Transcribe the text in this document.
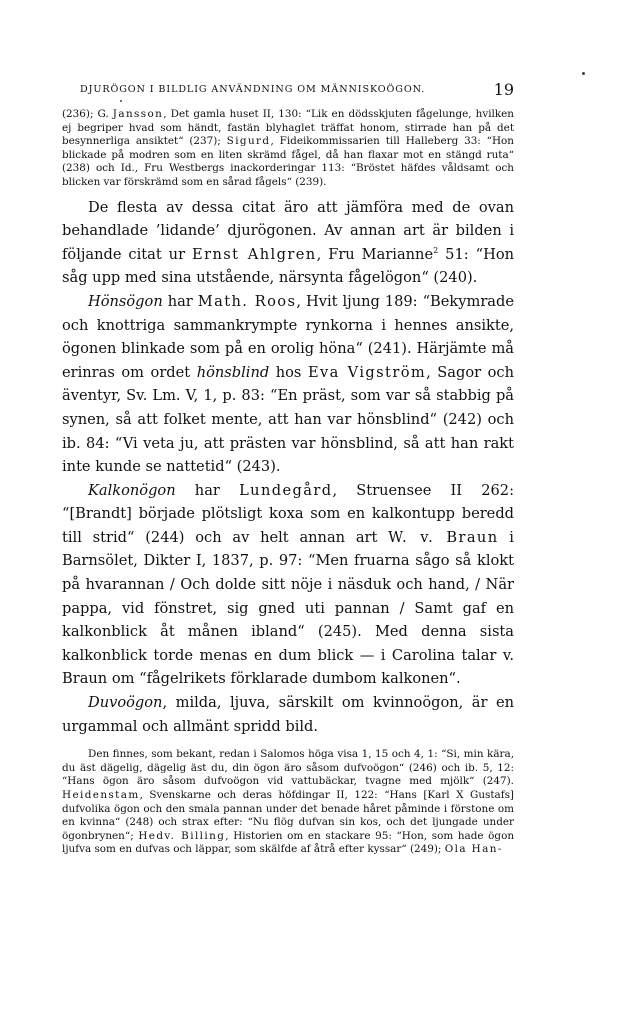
DJURÖGON I BILDLIG ANVÄNDNING OM MÄNNISKOÖGON.	19

(236); G. Jansson, Det gamla huset II, 130: “Lik en dödsskjuten fågelunge, hvilken ej begriper hvad som händt, fastän blyhaglet träffat honom, stirrade han på det besynnerliga ansiktet“ (237); Sigurd, Fideikommissarien till Halleberg 33: “Hon blickade på modren som en liten skrämd fågel, då han flaxar mot en stängd ruta“ (238) och Id., Fru Westbergs inackorderingar 113: “Bröstet häfdes våldsamt och blicken var förskrämd som en sårad fågels“ (239).

De flesta av dessa citat äro att jämföra med de ovan behandlade ’lidande’ djurögonen. Av annan art är bilden i följande citat ur Ernst Ahlgren, Fru Marianne$^2$ 51: “Hon såg upp med sina utstående, närsynta fågelögon“ (240).

Hönsögon har Math. Roos, Hvit ljung 189: “Bekymrade och knottriga sammankrympte rynkorna i hennes ansikte, ögonen blinkade som på en orolig höna“ (241). Härjämte må erinras om ordet hönsblind hos Eva Vigström, Sagor och äventyr, Sv. Lm. V, 1, p. 83: “En präst, som var så stabbig på synen, så att folket mente, att han var hönsblind“ (242) och ib. 84: “Vi veta ju, att prästen var hönsblind, så att han rakt inte kunde se nattetid“ (243).

Kalkonögon har Lundegård, Struensee II 262: “[Brandt] började plötsligt koxa som en kalkontupp beredd till strid“ (244) och av helt annan art W. v. Braun i Barnsölet, Dikter I, 1837, p. 97: “Men fruarna sågo så klokt på hvarannan / Och dolde sitt nöje i näsduk och hand, / När pappa, vid fönstret, sig gned uti pannan / Samt gaf en kalkonblick åt månen ibland“ (245). Med denna sista kalkonblick torde menas en dum blick — i Carolina talar v. Braun om “fågelrikets förklarade dumbom kalkonen“.

Duvoögon, milda, ljuva, särskilt om kvinnoögon, är en urgammal och allmänt spridd bild.

Den finnes, som bekant, redan i Salomos höga visa 1, 15 och 4, 1: “Si, min kära, du äst dägelig, dägelig äst du, din ögon äro såsom dufvoögon“ (246) och ib. 5, 12: “Hans ögon äro såsom dufvoögon vid vattubäckar, tvagne med mjölk“ (247). Heidenstam, Svenskarne och deras höfdingar II, 122: “Hans [Karl X Gustafs] dufvolika ögon och den smala pannan under det benade håret påminde i förstone om en kvinna“ (248) och strax efter: “Nu flög dufvan sin kos, och det ljungade under ögonbrynen“; Hedv. Billing, Historien om en stackare 95: “Hon, som hade ögon ljufva som en dufvas och läppar, som skälfde af åtrå efter kyssar“ (249); Ola Han-
